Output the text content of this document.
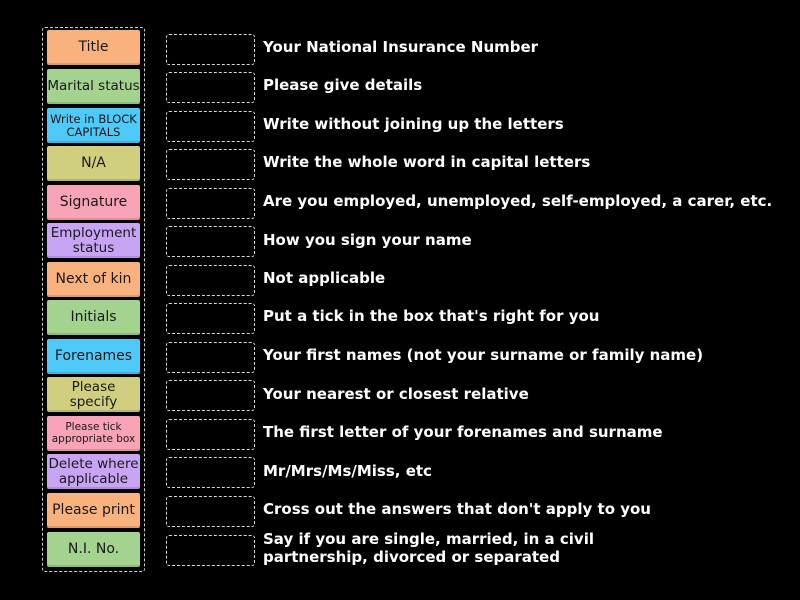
Title
Marital status
Write in BLOCK CAPITALS
N/A
Signature
Employment status
Next of kin
Initials
Forenames
Please specify
Please tick appropriate box
Delete where applicable
Please print
N.I. No.
Your National Insurance Number
Please give details
Write without joining up the letters
Write the whole word in capital letters
Are you employed, unemployed, self-employed, a carer, etc.
How you sign your name
Not applicable
Put a tick in the box that's right for you
Your first names (not your surname or family name)
Your nearest or closest relative
The first letter of your forenames and surname
Mr/Mrs/Ms/Miss, etc
Cross out the answers that don't apply to you
Say if you are single, married, in a civil
partnership, divorced or separated
